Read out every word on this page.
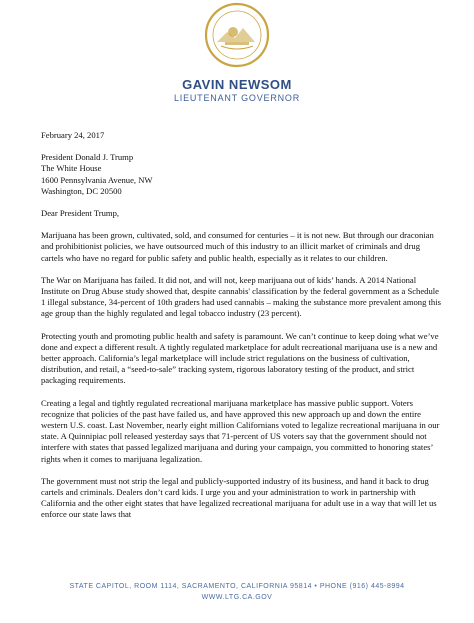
GAVIN NEWSOM
LIEUTENANT GOVERNOR

February 24, 2017

President Donald J. Trump

The White House

1600 Pennsylvania Avenue, NW

Washington, DC 20500

Dear President Trump,

Marijuana has been grown, cultivated, sold, and consumed for centuries – it is not new. But through our draconian and prohibitionist policies, we have outsourced much of this industry to an illicit market of criminals and drug cartels who have no regard for public safety and public health, especially as it relates to our children.

The War on Marijuana has failed. It did not, and will not, keep marijuana out of kids’ hands. A 2014 National Institute on Drug Abuse study showed that, despite cannabis' classification by the federal government as a Schedule 1 illegal substance, 34-percent of 10th graders had used cannabis – making the substance more prevalent among this age group than the highly regulated and legal tobacco industry (23 percent).

Protecting youth and promoting public health and safety is paramount. We can’t continue to keep doing what we’ve done and expect a different result. A tightly regulated marketplace for adult recreational marijuana use is a new and better approach. California’s legal marketplace will include strict regulations on the business of cultivation, distribution, and retail, a “seed-to-sale” tracking system, rigorous laboratory testing of the product, and strict packaging requirements.

Creating a legal and tightly regulated recreational marijuana marketplace has massive public support. Voters recognize that policies of the past have failed us, and have approved this new approach up and down the entire western U.S. coast. Last November, nearly eight million Californians voted to legalize recreational marijuana in our state. A Quinnipiac poll released yesterday says that 71-percent of US voters say that the government should not interfere with states that passed legalized marijuana and during your campaign, you committed to honoring states’ rights when it comes to marijuana legalization.

The government must not strip the legal and publicly-supported industry of its business, and hand it back to drug cartels and criminals. Dealers don’t card kids. I urge you and your administration to work in partnership with California and the other eight states that have legalized recreational marijuana for adult use in a way that will let us enforce our state laws that

STATE CAPITOL, ROOM 1114, SACRAMENTO, CALIFORNIA 95814 • PHONE (916) 445-8994
WWW.LTG.CA.GOV
